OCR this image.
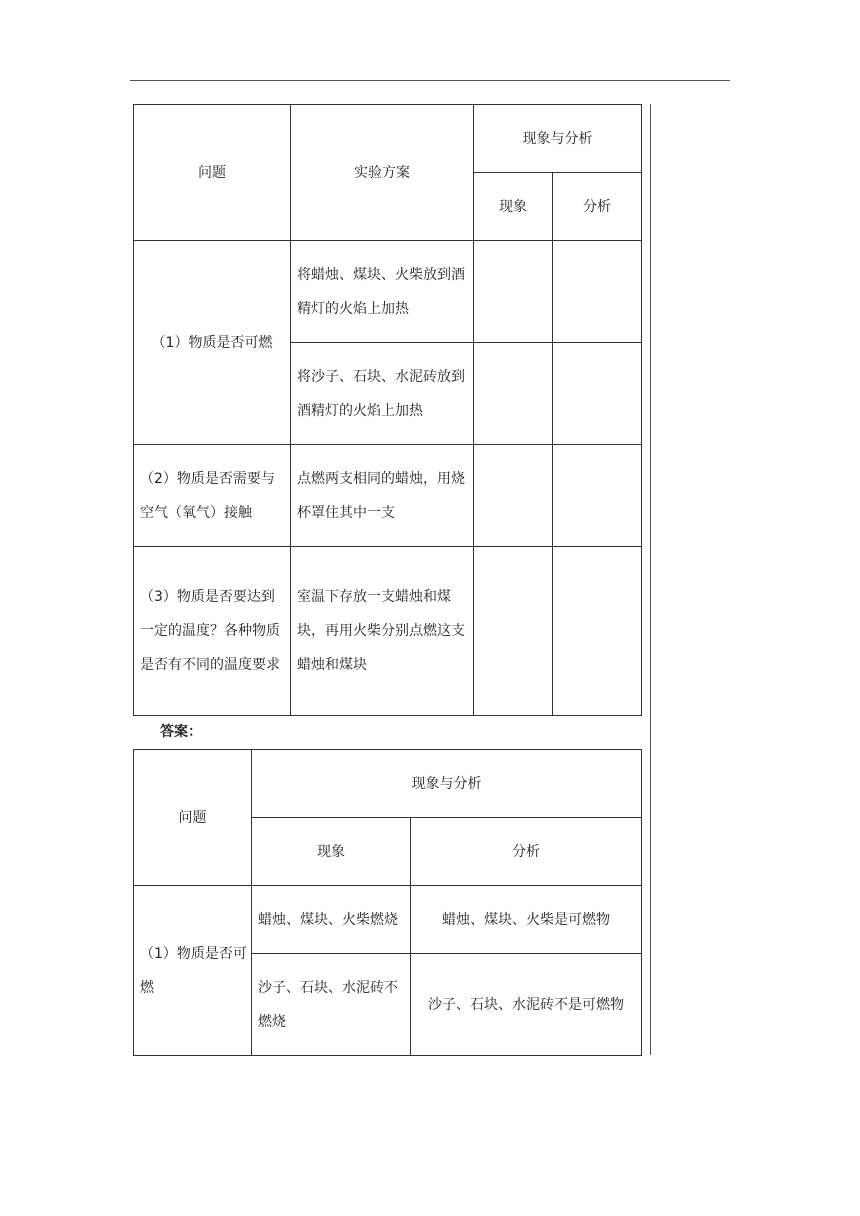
问题	实验方案	现象与分析	
		现象	分析
（1）物质是否可燃	将蜡烛、煤块、火柴放到酒精灯的火焰上加热		
	将沙子、石块、水泥砖放到酒精灯的火焰上加热		
（2）物质是否需要与空气（氧气）接触	点燃两支相同的蜡烛，用烧杯罩住其中一支		
（3）物质是否要达到一定的温度？各种物质是否有不同的温度要求	室温下存放一支蜡烛和煤块，再用火柴分别点燃这支蜡烛和煤块		
答案：
问题	现象与分析	
	现象	分析
（1）物质是否可燃	蜡烛、煤块、火柴燃烧	蜡烛、煤块、火柴是可燃物
	沙子、石块、水泥砖不燃烧	沙子、石块、水泥砖不是可燃物
